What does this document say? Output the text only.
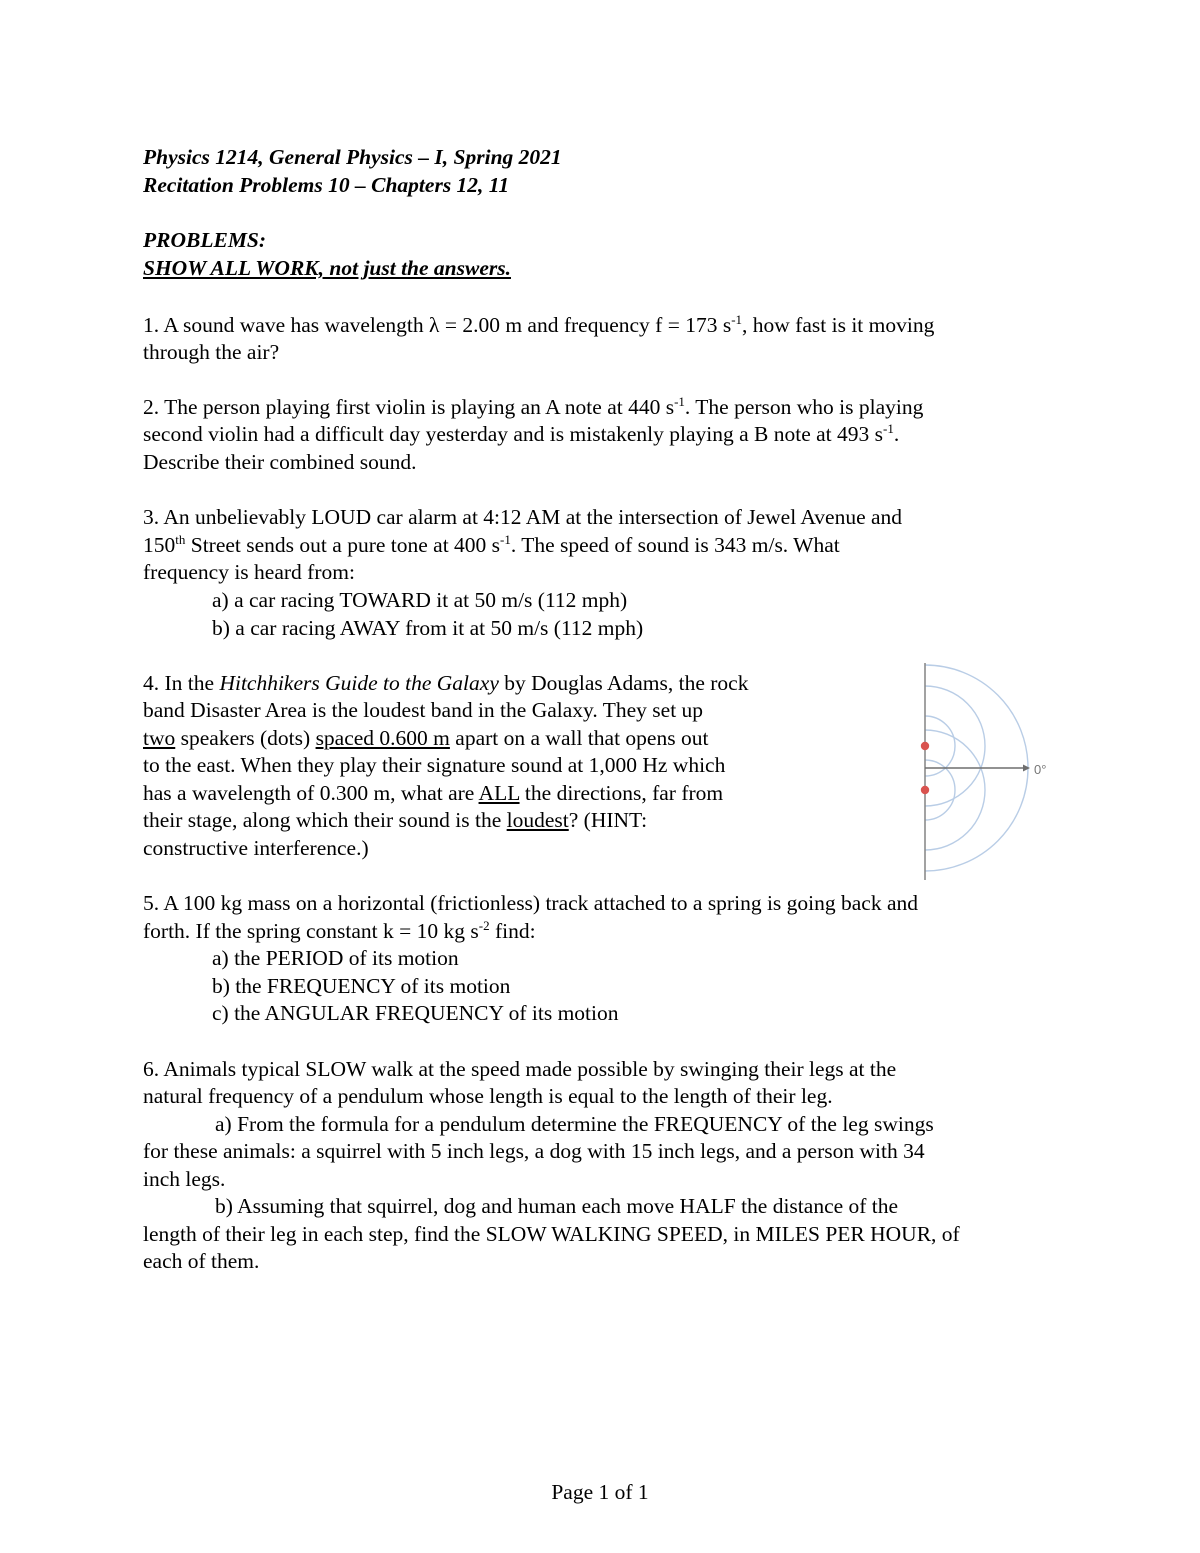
Physics 1214, General Physics – I, Spring 2021
Recitation Problems 10 – Chapters 12, 11
PROBLEMS:
SHOW ALL WORK, not just the answers.
1. A sound wave has wavelength λ = 2.00 m and frequency f = 173 $s^{-1}$, how fast is it moving
through the air?
2. The person playing first violin is playing an A note at 440 $s^{-1}$. The person who is playing
second violin had a difficult day yesterday and is mistakenly playing a B note at 493 $s^{-1}$.
Describe their combined sound.
3. An unbelievably LOUD car alarm at 4:12 AM at the intersection of Jewel Avenue and
150th Street sends out a pure tone at 400 $s^{-1}$. The speed of sound is 343 m/s. What
frequency is heard from:
a) a car racing TOWARD it at 50 m/s (112 mph)
b) a car racing AWAY from it at 50 m/s (112 mph)
4. In the Hitchhikers Guide to the Galaxy by Douglas Adams, the rock
band Disaster Area is the loudest band in the Galaxy. They set up
two speakers (dots) spaced 0.600 m apart on a wall that opens out
to the east. When they play their signature sound at 1,000 Hz which
has a wavelength of 0.300 m, what are ALL the directions, far from
their stage, along which their sound is the loudest? (HINT:
constructive interference.)
0°
5. A 100 kg mass on a horizontal (frictionless) track attached to a spring is going back and
forth. If the spring constant k = 10 kg $s^{-2}$ find:
a) the PERIOD of its motion
b) the FREQUENCY of its motion
c) the ANGULAR FREQUENCY of its motion
6. Animals typical SLOW walk at the speed made possible by swinging their legs at the
natural frequency of a pendulum whose length is equal to the length of their leg.
a) From the formula for a pendulum determine the FREQUENCY of the leg swings
for these animals: a squirrel with 5 inch legs, a dog with 15 inch legs, and a person with 34
inch legs.
b) Assuming that squirrel, dog and human each move HALF the distance of the
length of their leg in each step, find the SLOW WALKING SPEED, in MILES PER HOUR, of
each of them.
Page 1 of 1
